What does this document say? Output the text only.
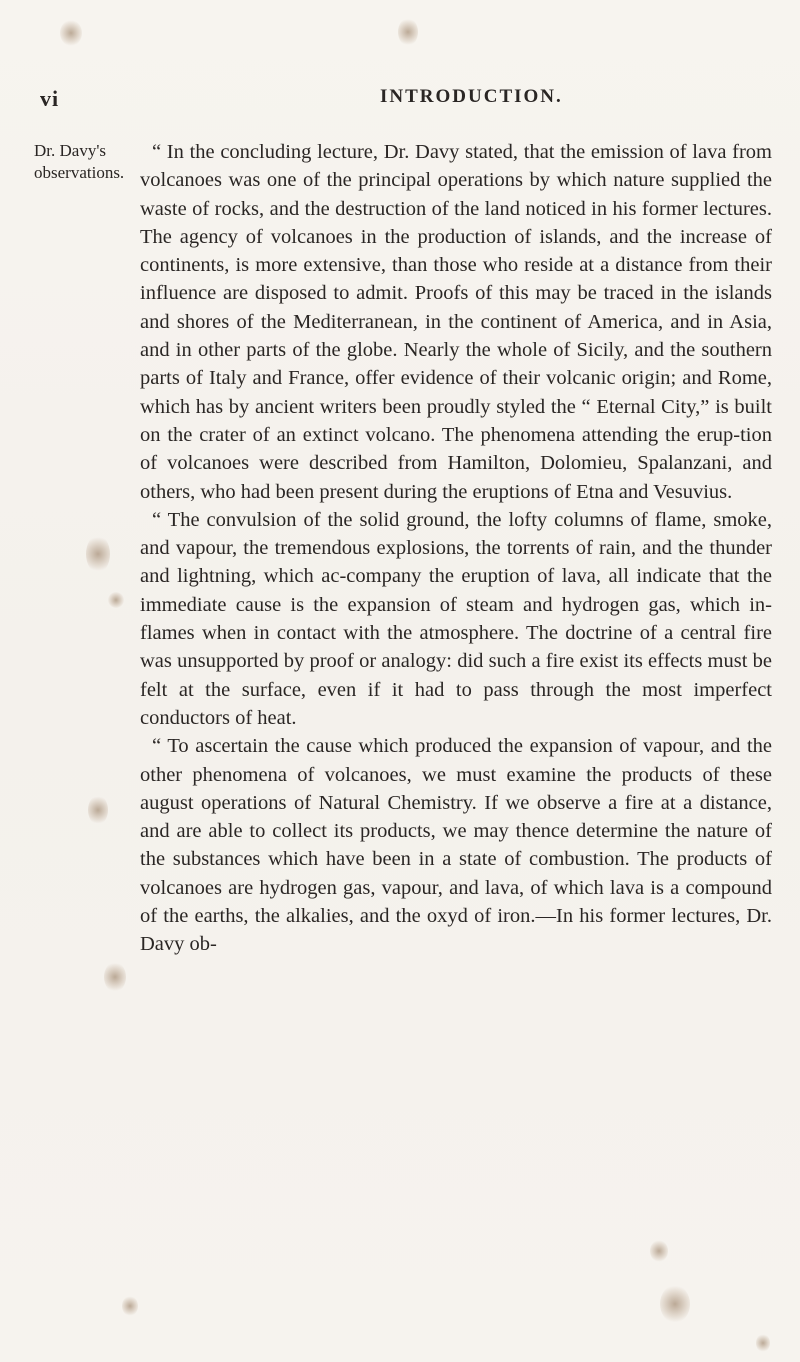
vi	INTRODUCTION.
Dr. Davy's
observations.

“ In the concluding lecture, Dr. Davy stated, that the emission of lava from volcanoes was one of the principal operations by which nature supplied the waste of rocks, and the destruction of the land noticed in his former lectures. The agency of volcanoes in the production of islands, and the increase of continents, is more extensive, than those who reside at a distance from their influence are disposed to admit. Proofs of this may be traced in the islands and shores of the Mediterranean, in the continent of America, and in Asia, and in other parts of the globe. Nearly the whole of Sicily, and the southern parts of Italy and France, offer evidence of their volcanic origin; and Rome, which has by ancient writers been proudly styled the “ Eternal City,” is built on the crater of an extinct volcano. The phenomena attending the erup-tion of volcanoes were described from Hamilton, Dolomieu, Spalanzani, and others, who had been present during the eruptions of Etna and Vesuvius.

“ The convulsion of the solid ground, the lofty columns of flame, smoke, and vapour, the tremendous explosions, the torrents of rain, and the thunder and lightning, which ac-company the eruption of lava, all indicate that the immediate cause is the expansion of steam and hydrogen gas, which in-flames when in contact with the atmosphere. The doctrine of a central fire was unsupported by proof or analogy: did such a fire exist its effects must be felt at the surface, even if it had to pass through the most imperfect conductors of heat.

“ To ascertain the cause which produced the expansion of vapour, and the other phenomena of volcanoes, we must examine the products of these august operations of Natural Chemistry. If we observe a fire at a distance, and are able to collect its products, we may thence determine the nature of the substances which have been in a state of combustion. The products of volcanoes are hydrogen gas, vapour, and lava, of which lava is a compound of the earths, the alkalies, and the oxyd of iron.—In his former lectures, Dr. Davy ob-
